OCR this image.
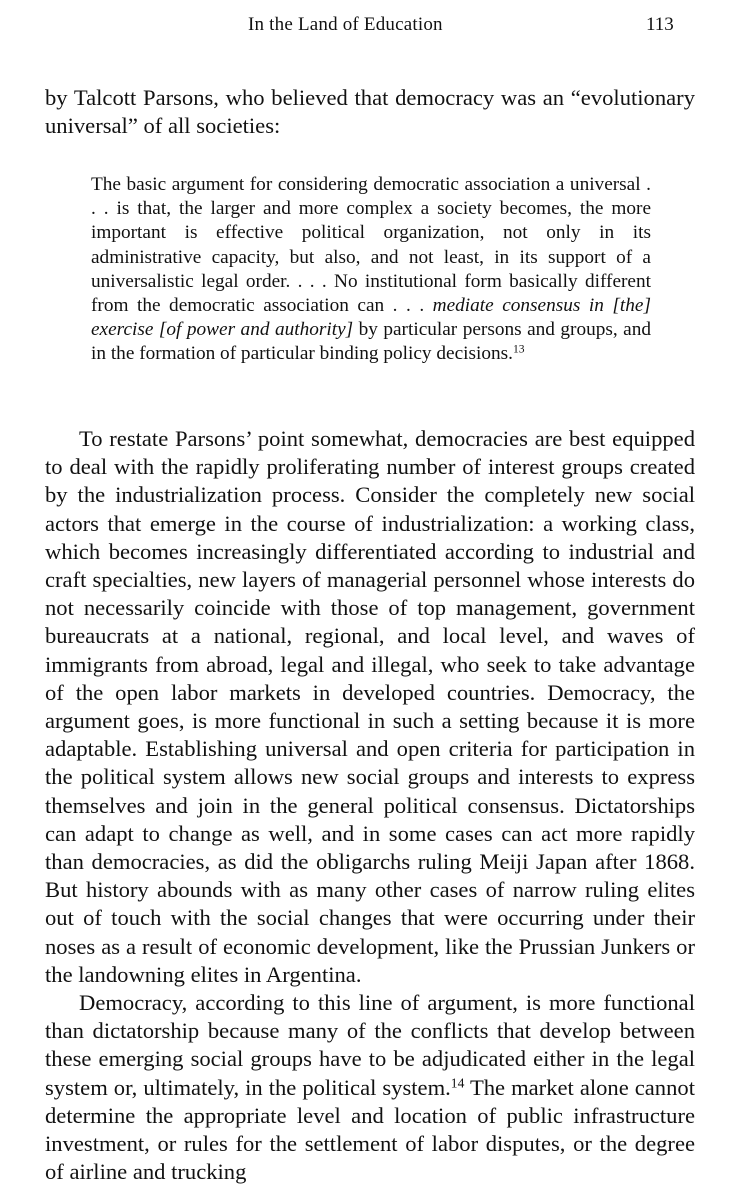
In the Land of Education	113

by Talcott Parsons, who believed that democracy was an “evolutionary universal” of all societies:

The basic argument for considering democratic association a universal . . . is that, the larger and more complex a society becomes, the more important is effective political organization, not only in its administrative capacity, but also, and not least, in its support of a universalistic legal order. . . . No institutional form basically different from the democratic association can . . . mediate consensus in [the] exercise [of power and authority] by particular persons and groups, and in the formation of particular binding policy decisions.$^{13}$

To restate Parsons’ point somewhat, democracies are best equipped to deal with the rapidly proliferating number of interest groups created by the industrialization process. Consider the completely new social actors that emerge in the course of industrialization: a working class, which becomes increasingly differentiated according to industrial and craft specialties, new layers of managerial personnel whose interests do not necessarily coincide with those of top management, government bureaucrats at a national, regional, and local level, and waves of immigrants from abroad, legal and illegal, who seek to take advantage of the open labor markets in developed countries. Democracy, the argument goes, is more functional in such a setting because it is more adaptable. Establishing universal and open criteria for participation in the political system allows new social groups and interests to express themselves and join in the general political consensus. Dictatorships can adapt to change as well, and in some cases can act more rapidly than democracies, as did the obligarchs ruling Meiji Japan after 1868. But history abounds with as many other cases of narrow ruling elites out of touch with the social changes that were occurring under their noses as a result of economic development, like the Prussian Junkers or the landowning elites in Argentina.

Democracy, according to this line of argument, is more functional than dictatorship because many of the conflicts that develop between these emerging social groups have to be adjudicated either in the legal system or, ultimately, in the political system.$^{14}$ The market alone cannot determine the appropriate level and location of public infrastructure investment, or rules for the settlement of labor disputes, or the degree of airline and trucking
